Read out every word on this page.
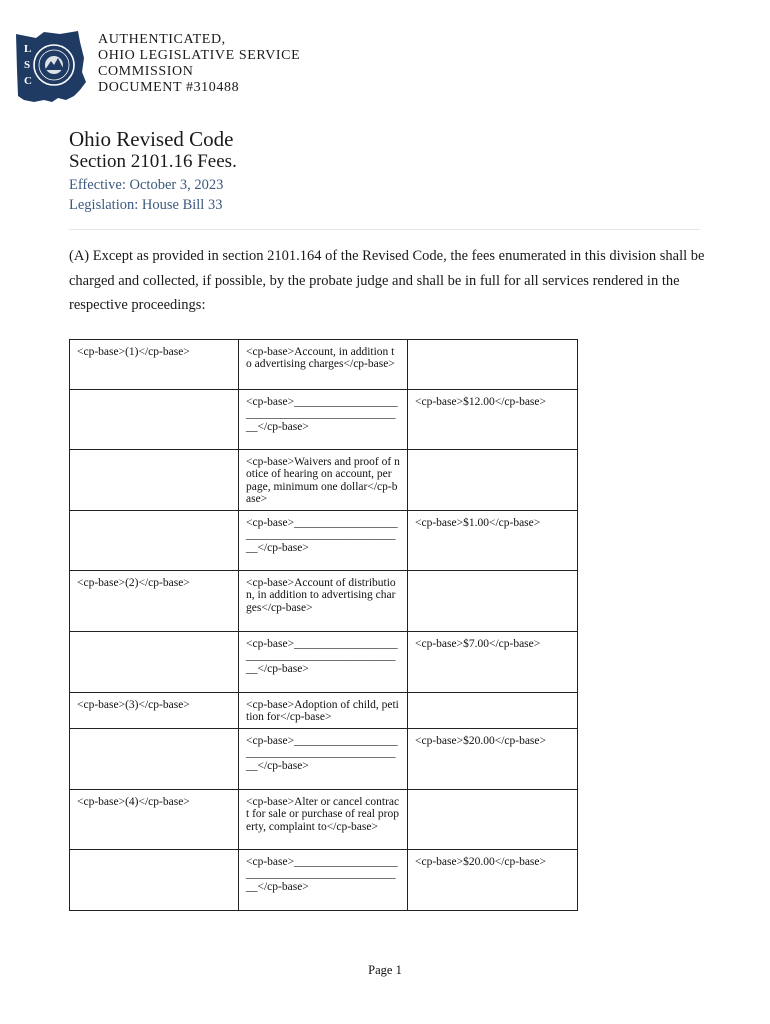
L
S
C
AUTHENTICATED,
OHIO LEGISLATIVE SERVICE
COMMISSION
DOCUMENT #310488
Ohio Revised Code
Section 2101.16 Fees.
Effective: October 3, 2023
Legislation: House Bill 33
(A) Except as provided in section 2101.164 of the Revised Code, the fees enumerated in this division shall be charged and collected, if possible, by the probate judge and shall be in full for all services rendered in the respective proceedings:
<cp-base>(1)</cp-base>	<cp-base>Account, in addition to advertising charges</cp-base>	
	<cp-base>______________________________________________</cp-base>	<cp-base>$12.00</cp-base>
	<cp-base>Waivers and proof of notice of hearing on account, per page, minimum one dollar</cp-base>	
	<cp-base>______________________________________________</cp-base>	<cp-base>$1.00</cp-base>
<cp-base>(2)</cp-base>	<cp-base>Account of distribution, in addition to advertising charges</cp-base>	
	<cp-base>______________________________________________</cp-base>	<cp-base>$7.00</cp-base>
<cp-base>(3)</cp-base>	<cp-base>Adoption of child, petition for</cp-base>	
	<cp-base>______________________________________________</cp-base>	<cp-base>$20.00</cp-base>
<cp-base>(4)</cp-base>	<cp-base>Alter or cancel contract for sale or purchase of real property, complaint to</cp-base>	
	<cp-base>______________________________________________</cp-base>	<cp-base>$20.00</cp-base>
Page 1
